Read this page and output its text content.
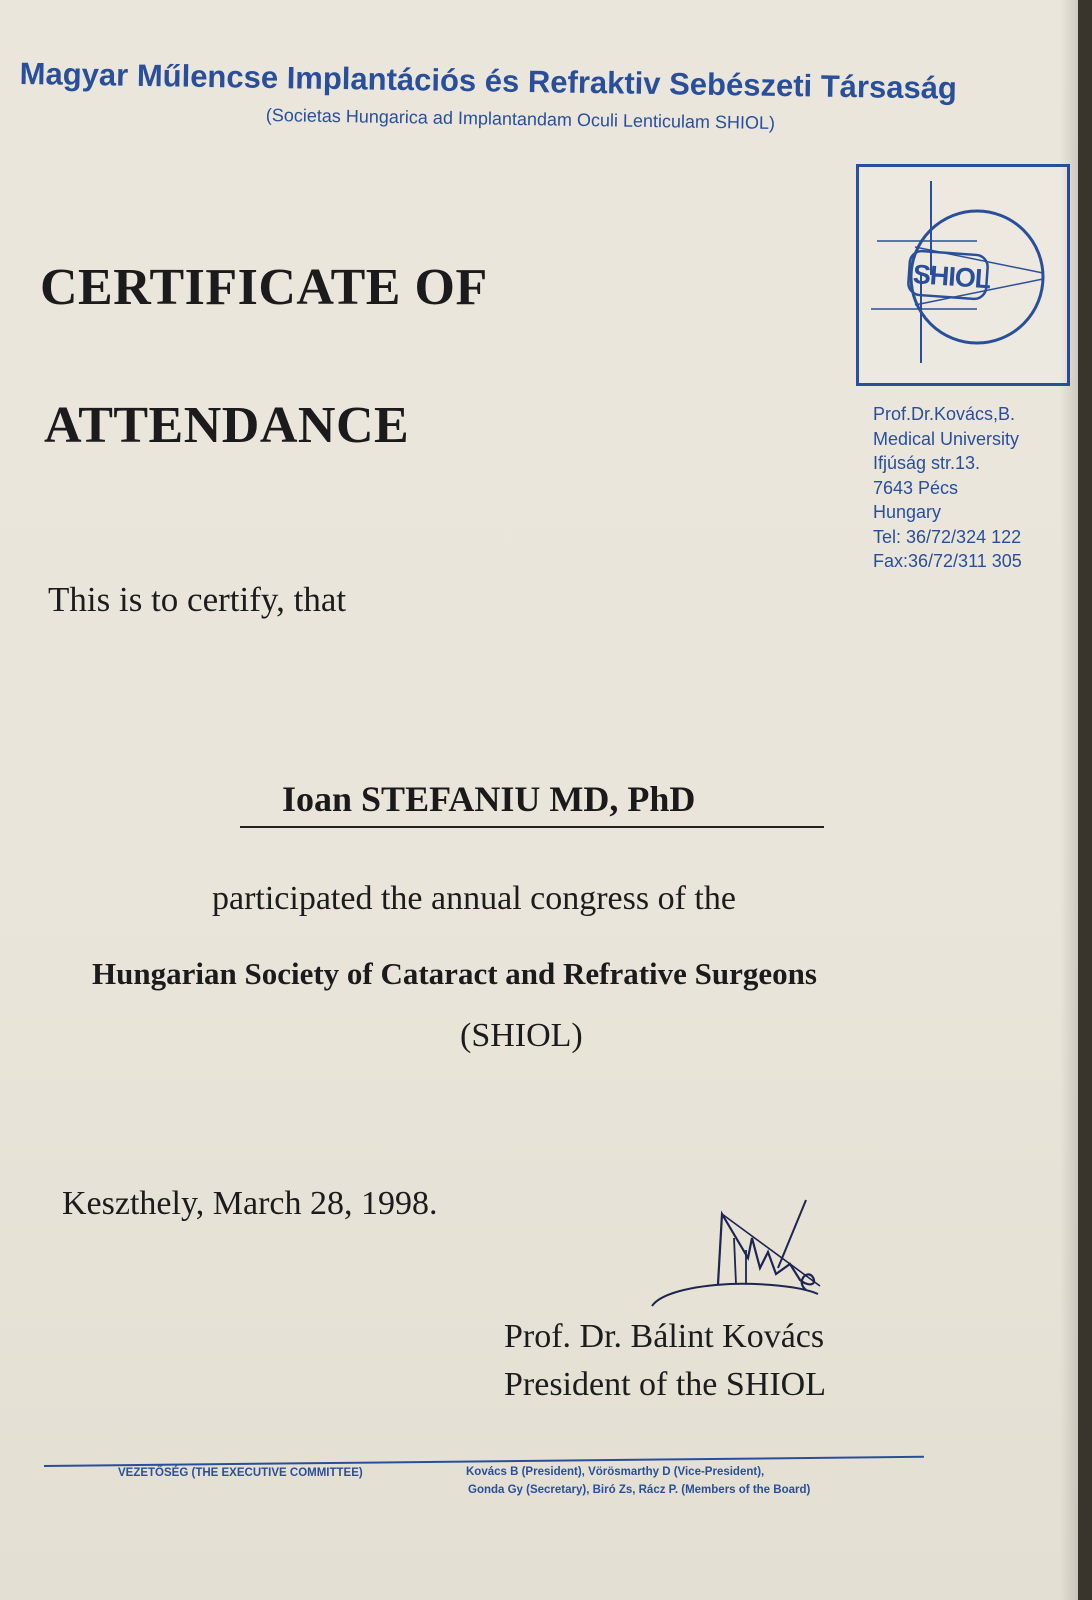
Magyar Műlencse Implantációs és Refraktiv Sebészeti Társaság
(Societas Hungarica ad Implantandam Oculi Lenticulam SHIOL)
SHIOL
Prof.Dr.Kovács,B.
Medical University
Ifjúság str.13.
7643 Pécs
Hungary
Tel: 36/72/324 122
Fax:36/72/311 305
CERTIFICATE OF
ATTENDANCE
This is to certify, that
Ioan STEFANIU MD, PhD
participated the annual congress of the
Hungarian Society of Cataract and Refrative Surgeons
(SHIOL)
Keszthely, March 28, 1998.
Prof. Dr. Bálint Kovács
President of the SHIOL
VEZETŐSÉG (THE EXECUTIVE COMMITTEE)	Kovács B (President), Vörösmarthy D (Vice-President),
Gonda Gy (Secretary), Biró Zs, Rácz P. (Members of the Board)
